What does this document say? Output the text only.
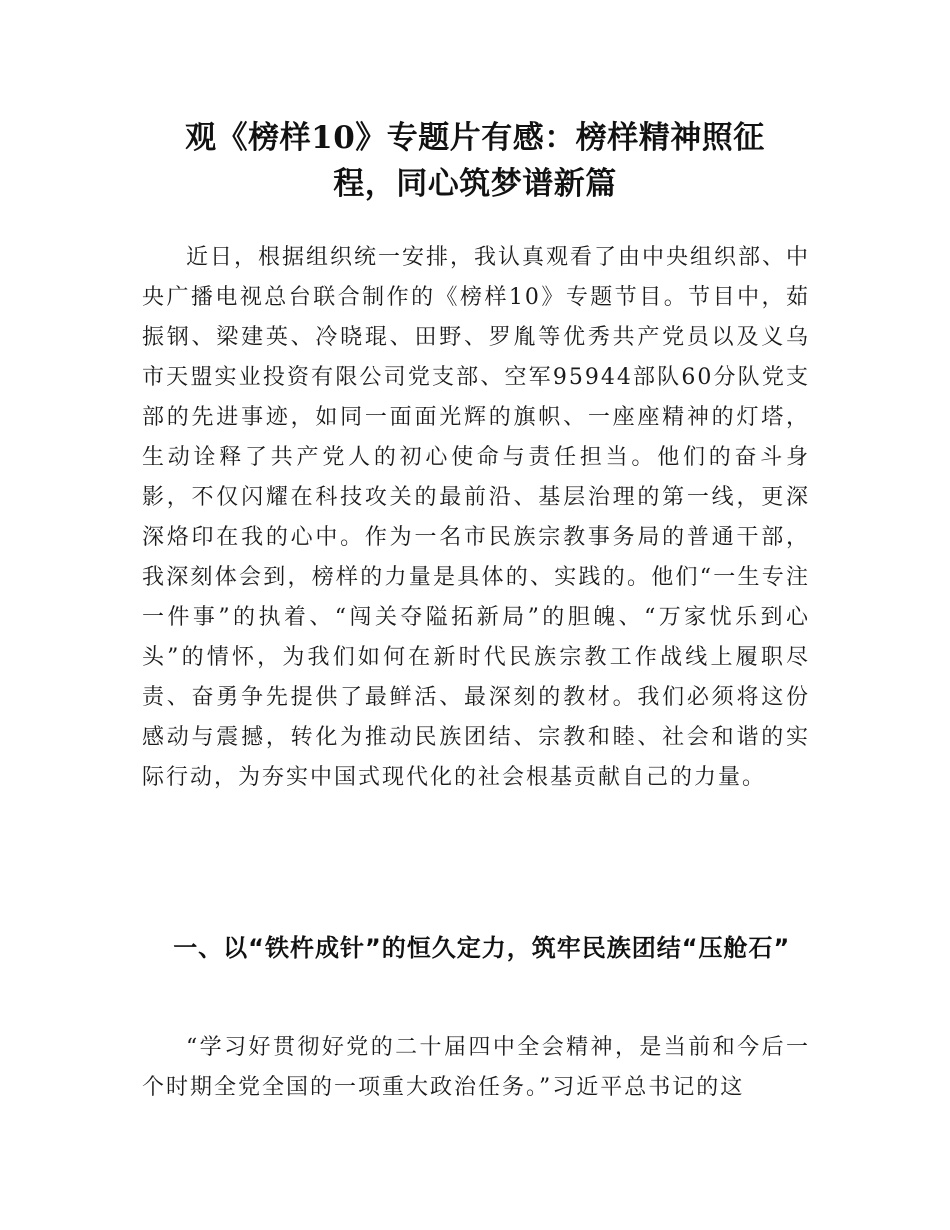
观《榜样10》专题片有感：榜样精神照征
程，同心筑梦谱新篇

近日，根据组织统一安排，我认真观看了由中央组织部、中央广播电视总台联合制作的《榜样10》专题节目。节目中，茹振钢、梁建英、冷晓琨、田野、罗胤等优秀共产党员以及义乌市天盟实业投资有限公司党支部、空军95944部队60分队党支部的先进事迹，如同一面面光辉的旗帜、一座座精神的灯塔，生动诠释了共产党人的初心使命与责任担当。他们的奋斗身影，不仅闪耀在科技攻关的最前沿、基层治理的第一线，更深深烙印在我的心中。作为一名市民族宗教事务局的普通干部，我深刻体会到，榜样的力量是具体的、实践的。他们“一生专注一件事”的执着、“闯关夺隘拓新局”的胆魄、“万家忧乐到心头”的情怀，为我们如何在新时代民族宗教工作战线上履职尽责、奋勇争先提供了最鲜活、最深刻的教材。我们必须将这份感动与震撼，转化为推动民族团结、宗教和睦、社会和谐的实际行动，为夯实中国式现代化的社会根基贡献自己的力量。

一、以“铁杵成针”的恒久定力，筑牢民族团结“压舱石”

“学习好贯彻好党的二十届四中全会精神，是当前和今后一个时期全党全国的一项重大政治任务。”习近平总书记的这
